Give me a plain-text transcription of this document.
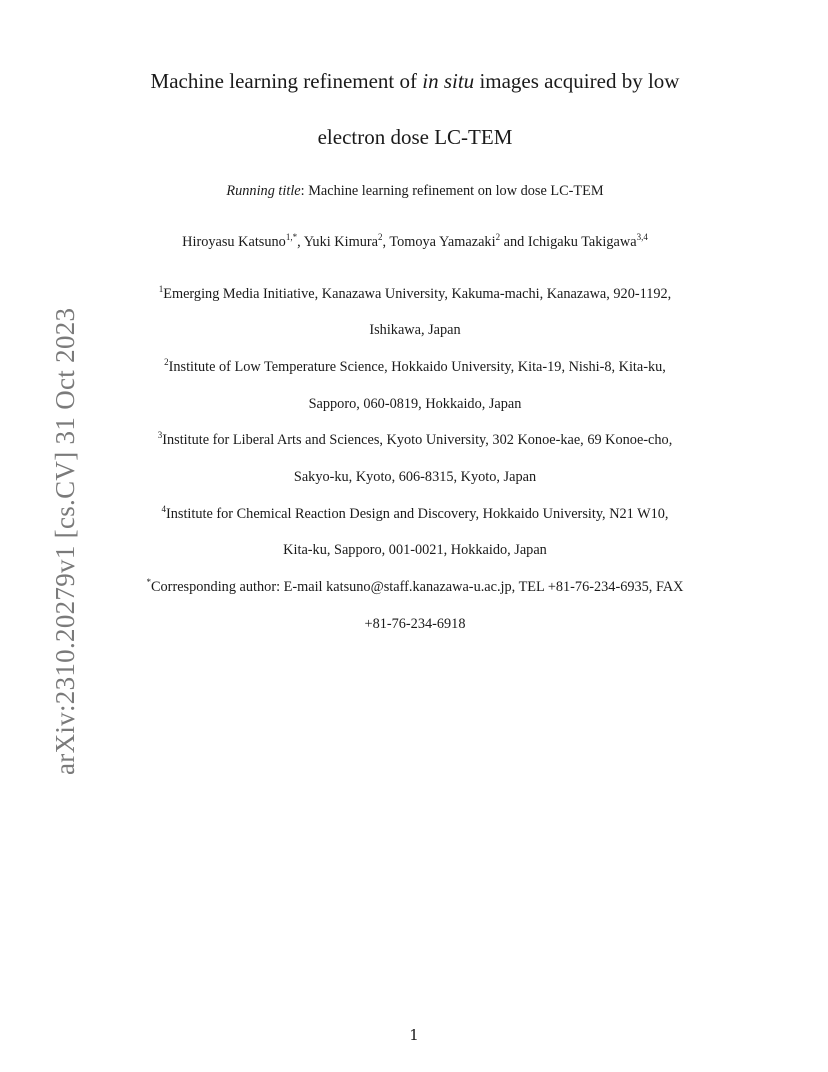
arXiv:2310.20279v1 [cs.CV] 31 Oct 2023
Machine learning refinement of in situ images acquired by low
electron dose LC-TEM
Running title: Machine learning refinement on low dose LC-TEM
Hiroyasu Katsuno$^{1,*}$, Yuki Kimura$^2$, Tomoya Yamazaki$^2$ and Ichigaku Takigawa$^{3,4}$
$^1$Emerging Media Initiative, Kanazawa University, Kakuma-machi, Kanazawa, 920-1192,
Ishikawa, Japan
$^2$Institute of Low Temperature Science, Hokkaido University, Kita-19, Nishi-8, Kita-ku,
Sapporo, 060-0819, Hokkaido, Japan
$^3$Institute for Liberal Arts and Sciences, Kyoto University, 302 Konoe-kae, 69 Konoe-cho,
Sakyo-ku, Kyoto, 606-8315, Kyoto, Japan
$^4$Institute for Chemical Reaction Design and Discovery, Hokkaido University, N21 W10,
Kita-ku, Sapporo, 001-0021, Hokkaido, Japan
*Corresponding author: E-mail katsuno@staff.kanazawa-u.ac.jp, TEL +81-76-234-6935, FAX
+81-76-234-6918
1
